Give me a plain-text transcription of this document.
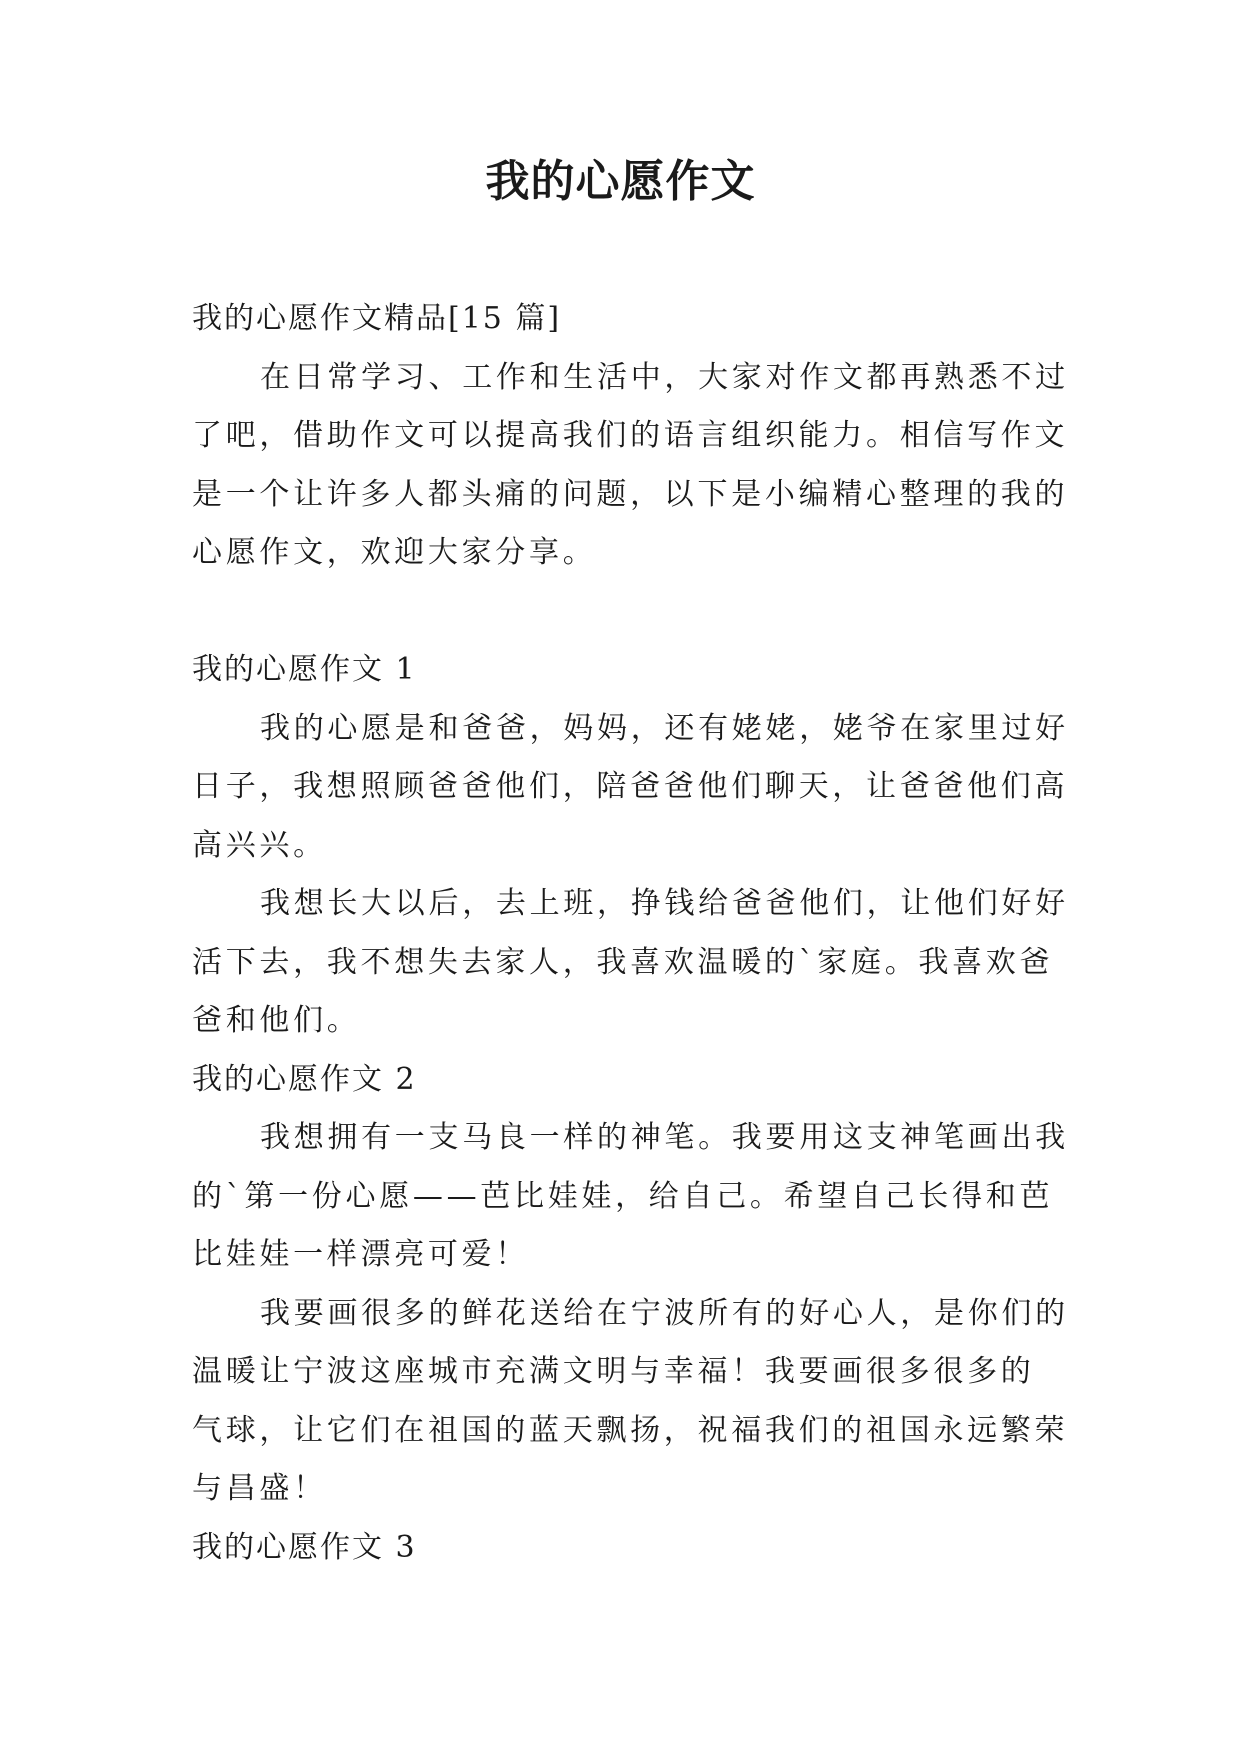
我的心愿作文
我的心愿作文精品[15 篇]
在日常学习、工作和生活中，大家对作文都再熟悉不过
了吧，借助作文可以提高我们的语言组织能力。相信写作文
是一个让许多人都头痛的问题，以下是小编精心整理的我的
心愿作文，欢迎大家分享。
我的心愿作文 1
我的心愿是和爸爸，妈妈，还有姥姥，姥爷在家里过好
日子，我想照顾爸爸他们，陪爸爸他们聊天，让爸爸他们高
高兴兴。
我想长大以后，去上班，挣钱给爸爸他们，让他们好好
活下去，我不想失去家人，我喜欢温暖的`家庭。我喜欢爸
爸和他们。
我的心愿作文 2
我想拥有一支马良一样的神笔。我要用这支神笔画出我
的`第一份心愿——芭比娃娃，给自己。希望自己长得和芭
比娃娃一样漂亮可爱！
我要画很多的鲜花送给在宁波所有的好心人，是你们的
温暖让宁波这座城市充满文明与幸福！我要画很多很多的
气球，让它们在祖国的蓝天飘扬，祝福我们的祖国永远繁荣
与昌盛！
我的心愿作文 3
